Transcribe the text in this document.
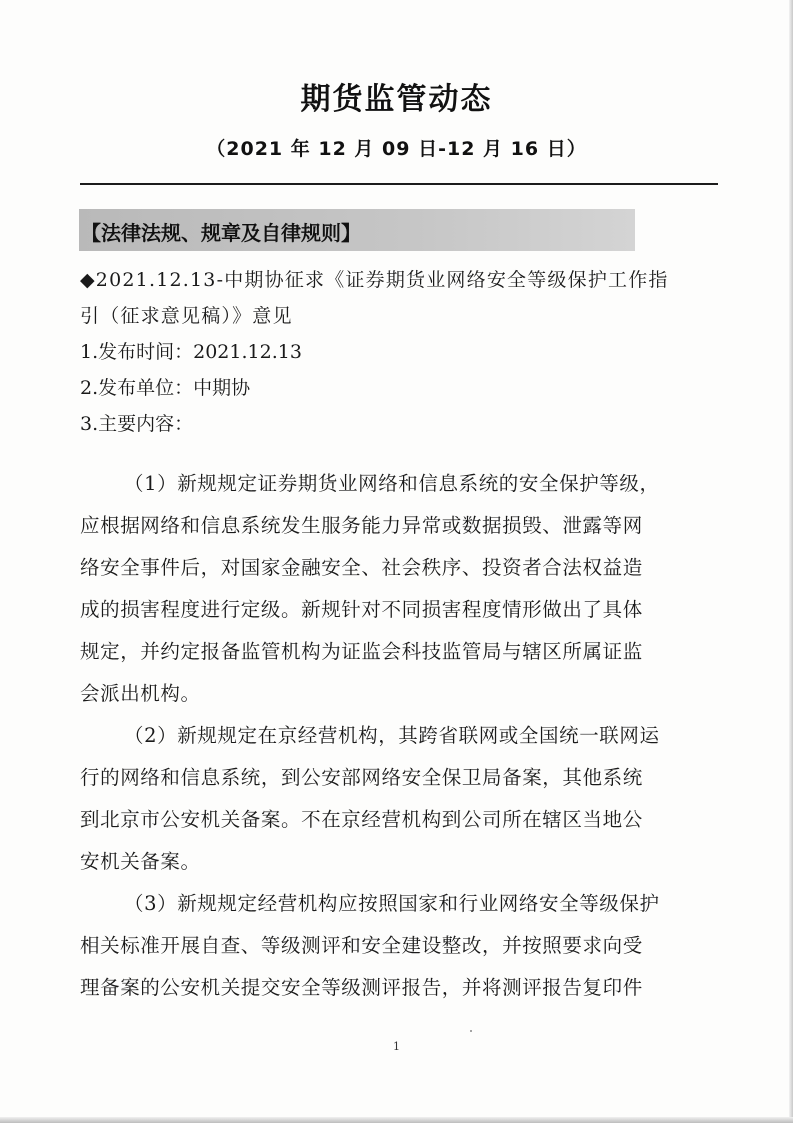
期货监管动态
（2021 年 12 月 09 日-12 月 16 日）
【法律法规、规章及自律规则】
◆2021.12.13-中期协征求《证券期货业网络安全等级保护工作指
引（征求意见稿）》意见
1.发布时间：2021.12.13
2.发布单位：中期协
3.主要内容：
（1）新规规定证券期货业网络和信息系统的安全保护等级，
应根据网络和信息系统发生服务能力异常或数据损毁、泄露等网
络安全事件后，对国家金融安全、社会秩序、投资者合法权益造
成的损害程度进行定级。新规针对不同损害程度情形做出了具体
规定，并约定报备监管机构为证监会科技监管局与辖区所属证监
会派出机构。
（2）新规规定在京经营机构，其跨省联网或全国统一联网运
行的网络和信息系统，到公安部网络安全保卫局备案，其他系统
到北京市公安机关备案。不在京经营机构到公司所在辖区当地公
安机关备案。
（3）新规规定经营机构应按照国家和行业网络安全等级保护
相关标准开展自查、等级测评和安全建设整改，并按照要求向受
理备案的公安机关提交安全等级测评报告，并将测评报告复印件
1
